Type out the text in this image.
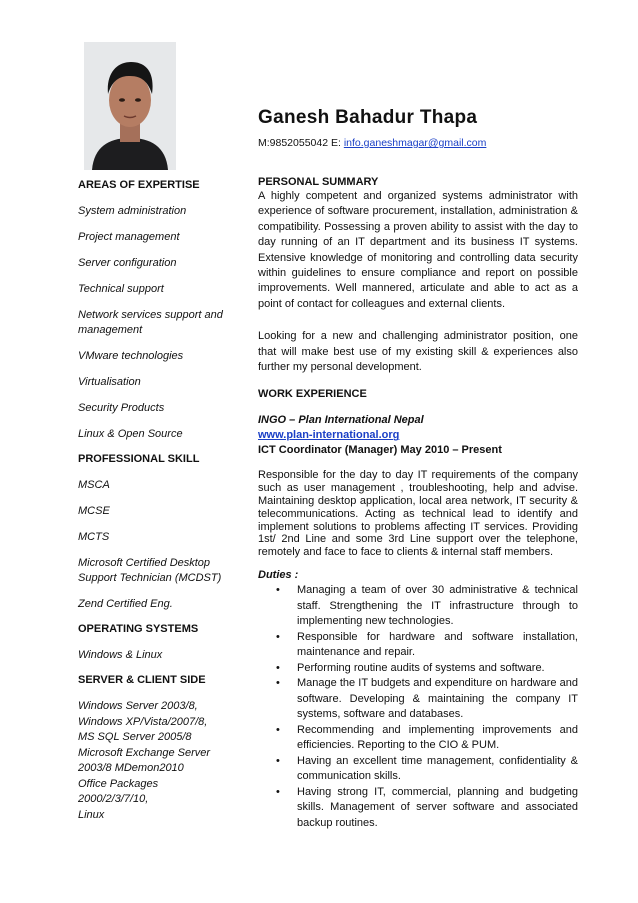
AREAS OF EXPERTISE
System administration
Project management
Server configuration
Technical support
Network services support and management
VMware technologies
Virtualisation
Security Products
Linux & Open Source
PROFESSIONAL SKILL
MSCA
MCSE
MCTS
Microsoft Certified Desktop Support Technician (MCDST)
Zend Certified Eng.
OPERATING SYSTEMS
Windows & Linux
SERVER & CLIENT SIDE
Windows Server 2003/8,
Windows XP/Vista/2007/8,
MS SQL Server 2005/8
Microsoft Exchange Server
2003/8 MDemon2010
Office Packages
2000/2/3/7/10,
Linux
Ganesh Bahadur Thapa
M:9852055042 E: info.ganeshmagar@gmail.com
PERSONAL SUMMARY
A highly competent and organized systems administrator with experience of software procurement, installation, administration & compatibility. Possessing a proven ability to assist with the day to day running of an IT department and its business IT systems. Extensive knowledge of monitoring and controlling data security within guidelines to ensure compliance and report on possible improvements. Well mannered, articulate and able to act as a point of contact for colleagues and external clients.
Looking for a new and challenging administrator position, one that will make best use of my existing skill & experiences also further my personal development.
WORK EXPERIENCE
INGO – Plan International Nepal
www.plan-international.org
ICT Coordinator (Manager) May 2010 – Present
Responsible for the day to day IT requirements of the company such as user management , troubleshooting, help and advise. Maintaining desktop application, local area network, IT security & telecommunications. Acting as technical lead to identify and implement solutions to problems affecting IT services. Providing 1st/ 2nd Line and some 3rd Line support over the telephone, remotely and face to face to clients & internal staff members.
Duties :
• Managing a team of over 30 administrative & technical staff. Strengthening the IT infrastructure through to implementing new technologies.
• Responsible for hardware and software installation, maintenance and repair.
• Performing routine audits of systems and software.
• Manage the IT budgets and expenditure on hardware and software. Developing & maintaining the company IT systems, software and databases.
• Recommending and implementing improvements and efficiencies. Reporting to the CIO & PUM.
• Having an excellent time management, confidentiality & communication skills.
• Having strong IT, commercial, planning and budgeting skills. Management of server software and associated backup routines.
